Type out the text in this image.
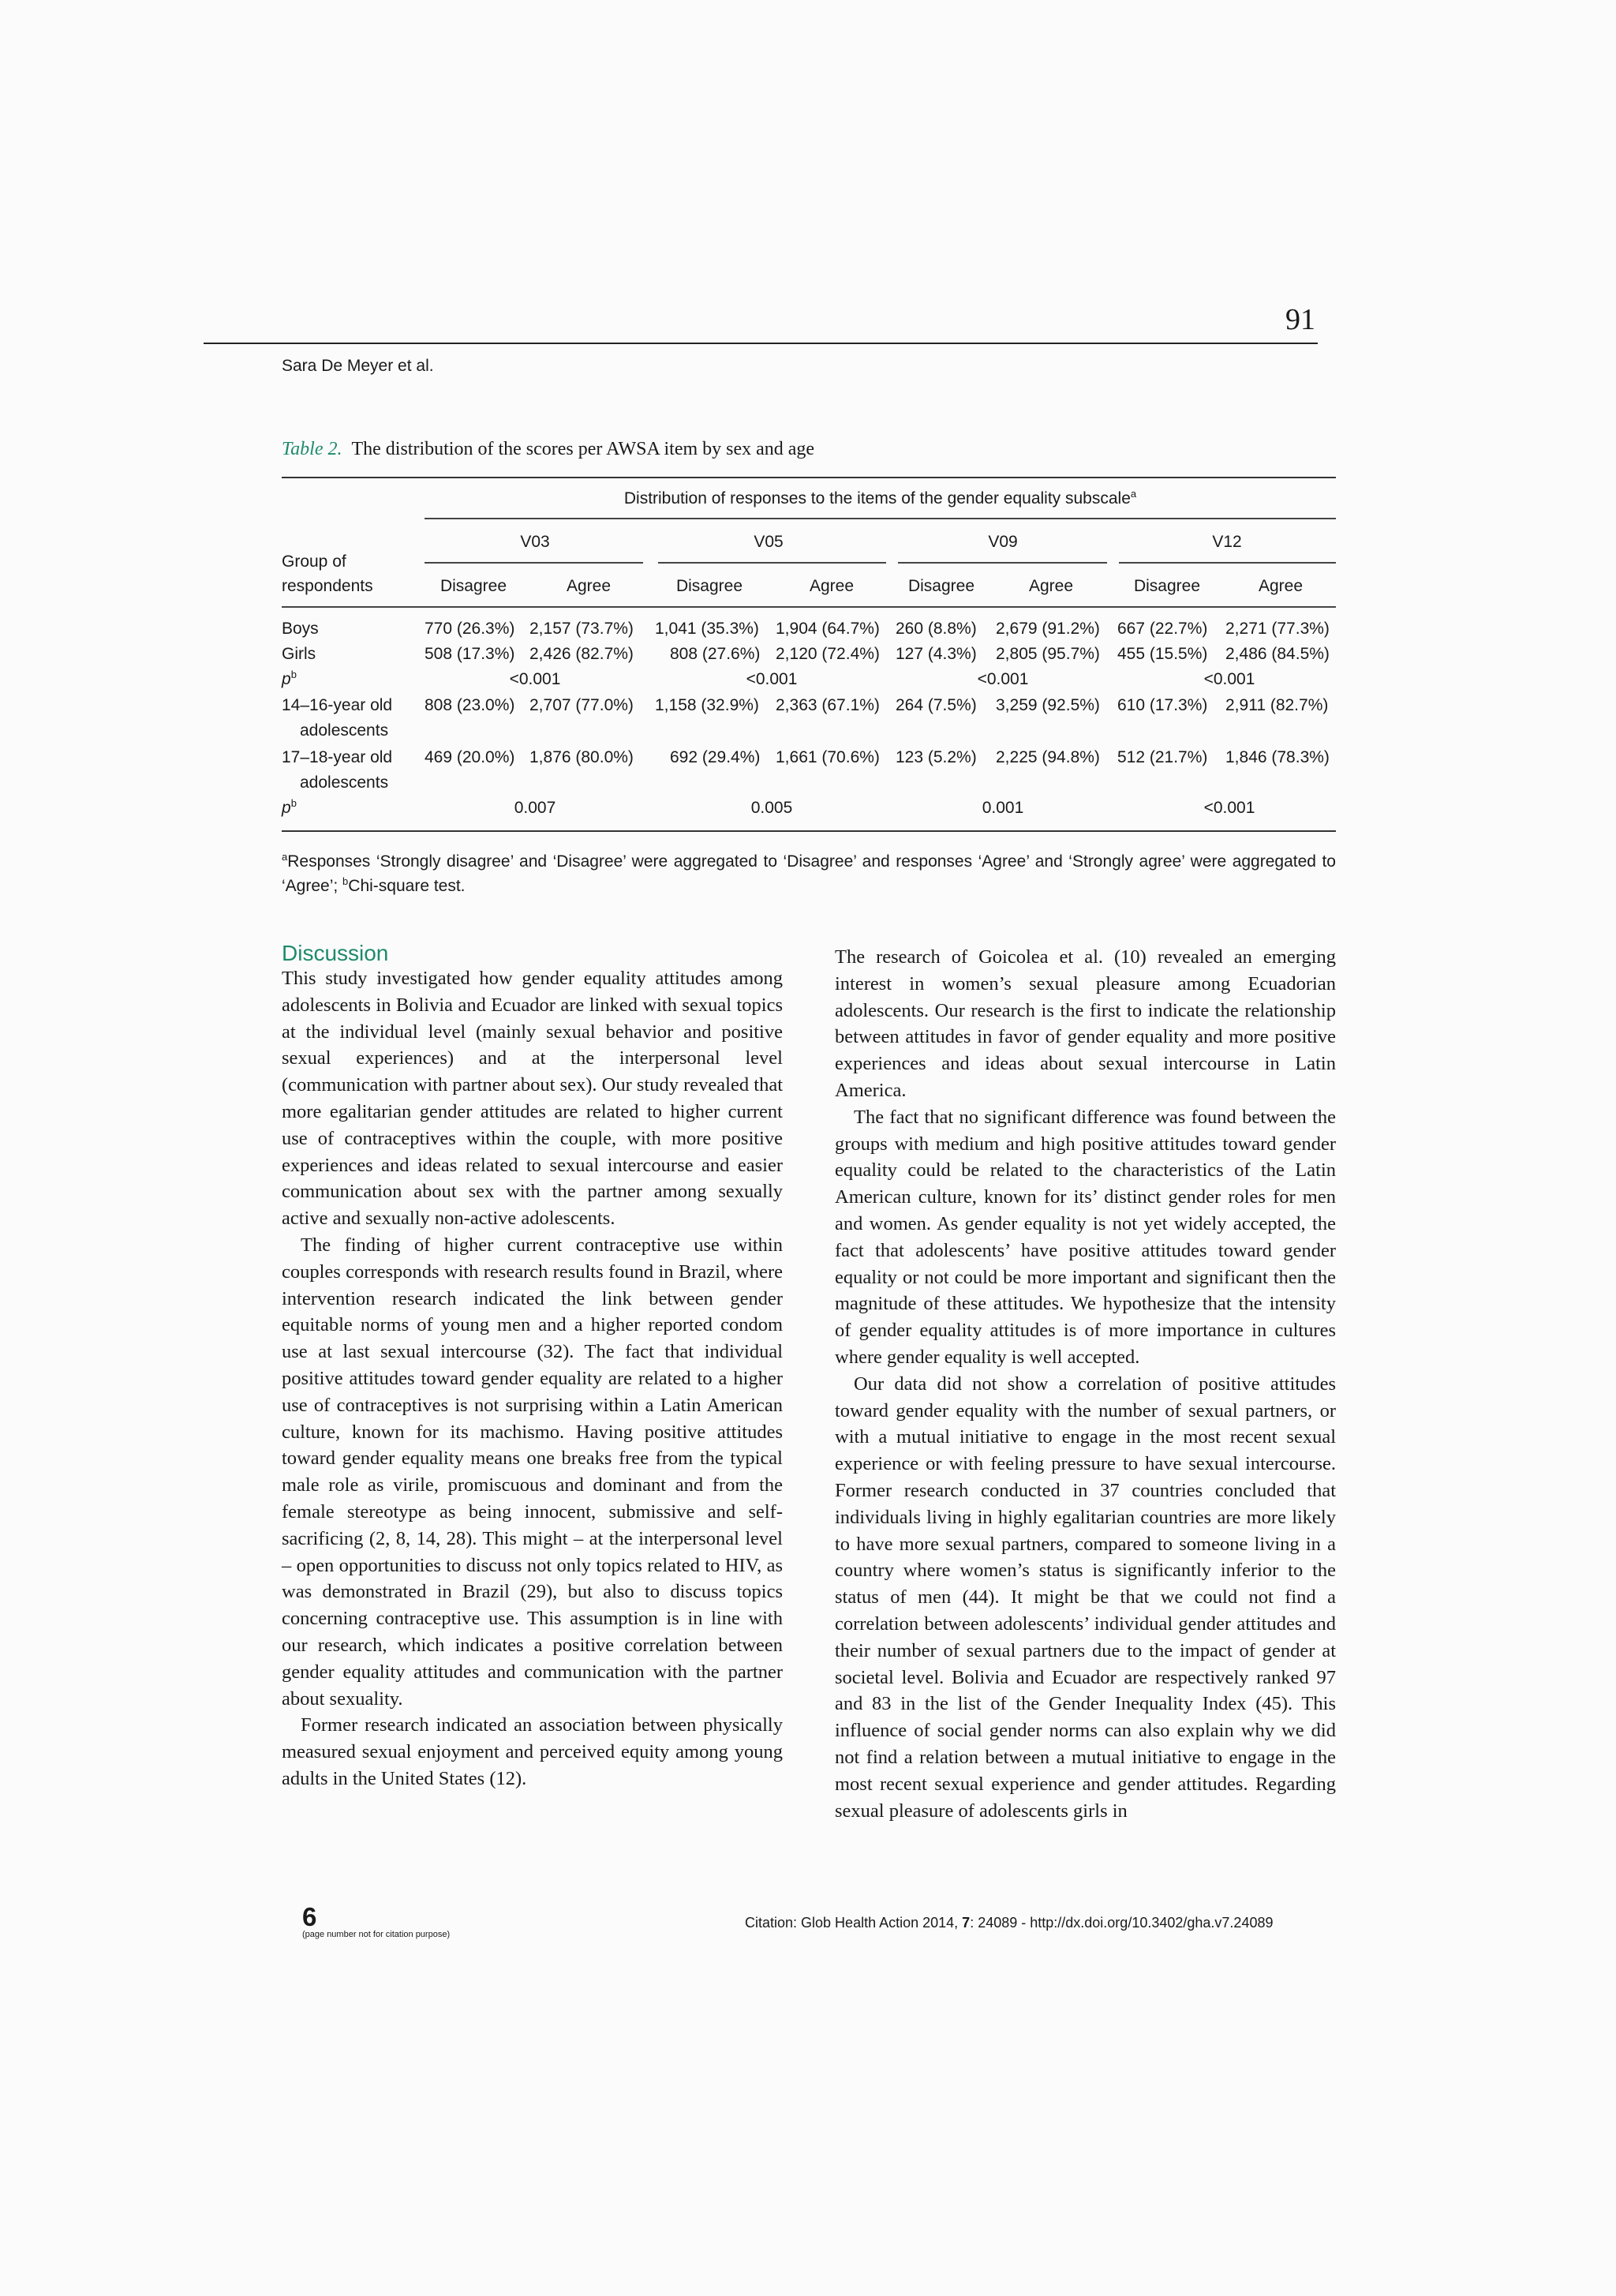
91
Sara De Meyer et al.
Table 2. The distribution of the scores per AWSA item by sex and age
Distribution of responses to the items of the gender equality subscale$^a$
Group of
respondents
V03	V05	V09	V12
Disagree	Agree	Disagree	Agree	Disagree	Agree	Disagree	Agree
Boys	770 (26.3%) 2,157 (73.7%) 1,041 (35.3%) 1,904 (64.7%) 260 (8.8%) 2,679 (91.2%) 667 (22.7%) 2,271 (77.3%)
Girls	508 (17.3%) 2,426 (82.7%) 808 (27.6%) 2,120 (72.4%) 127 (4.3%) 2,805 (95.7%) 455 (15.5%) 2,486 (84.5%)
$p^b$	<0.001	<0.001	<0.001	<0.001
14–16-year old
adolescents
808 (23.0%) 2,707 (77.0%) 1,158 (32.9%) 2,363 (67.1%) 264 (7.5%) 3,259 (92.5%) 610 (17.3%) 2,911 (82.7%)
17–18-year old
adolescents
469 (20.0%) 1,876 (80.0%) 692 (29.4%) 1,661 (70.6%) 123 (5.2%) 2,225 (94.8%) 512 (21.7%) 1,846 (78.3%)
$p^b$	0.007	0.005	0.001	<0.001
$^a$Responses ‘Strongly disagree’ and ‘Disagree’ were aggregated to ‘Disagree’ and responses ‘Agree’ and ‘Strongly agree’ were aggregated to ‘Agree’; $^b$Chi-square test.
Discussion

This study investigated how gender equality attitudes among adolescents in Bolivia and Ecuador are linked with sexual topics at the individual level (mainly sexual behavior and positive sexual experiences) and at the interpersonal level (communication with partner about sex). Our study revealed that more egalitarian gender attitudes are related to higher current use of contraceptives within the couple, with more positive experiences and ideas related to sexual intercourse and easier communication about sex with the partner among sexually active and sexually non-active adolescents.

The finding of higher current contraceptive use within couples corresponds with research results found in Brazil, where intervention research indicated the link between gender equitable norms of young men and a higher reported condom use at last sexual intercourse (32). The fact that individual positive attitudes toward gender equality are related to a higher use of contraceptives is not surprising within a Latin American culture, known for its machismo. Having positive attitudes toward gender equality means one breaks free from the typical male role as virile, promiscuous and dominant and from the female stereotype as being innocent, submissive and self-sacrificing (2, 8, 14, 28). This might – at the interpersonal level – open opportunities to discuss not only topics related to HIV, as was demonstrated in Brazil (29), but also to discuss topics concerning contraceptive use. This assumption is in line with our research, which indicates a positive correlation between gender equality attitudes and communication with the partner about sexuality.

Former research indicated an association between physically measured sexual enjoyment and perceived equity among young adults in the United States (12).

The research of Goicolea et al. (10) revealed an emerging interest in women’s sexual pleasure among Ecuadorian adolescents. Our research is the first to indicate the relationship between attitudes in favor of gender equality and more positive experiences and ideas about sexual intercourse in Latin America.

The fact that no significant difference was found between the groups with medium and high positive attitudes toward gender equality could be related to the characteristics of the Latin American culture, known for its’ distinct gender roles for men and women. As gender equality is not yet widely accepted, the fact that adolescents’ have positive attitudes toward gender equality or not could be more important and significant then the magnitude of these attitudes. We hypothesize that the intensity of gender equality attitudes is of more importance in cultures where gender equality is well accepted.

Our data did not show a correlation of positive attitudes toward gender equality with the number of sexual partners, or with a mutual initiative to engage in the most recent sexual experience or with feeling pressure to have sexual intercourse. Former research conducted in 37 countries concluded that individuals living in highly egalitarian countries are more likely to have more sexual partners, compared to someone living in a country where women’s status is significantly inferior to the status of men (44). It might be that we could not find a correlation between adolescents’ individual gender attitudes and their number of sexual partners due to the impact of gender at societal level. Bolivia and Ecuador are respectively ranked 97 and 83 in the list of the Gender Inequality Index (45). This influence of social gender norms can also explain why we did not find a relation between a mutual initiative to engage in the most recent sexual experience and gender attitudes. Regarding sexual pleasure of adolescents girls in

6
(page number not for citation purpose)
Citation: Glob Health Action 2014, 7: 24089 - http://dx.doi.org/10.3402/gha.v7.24089
